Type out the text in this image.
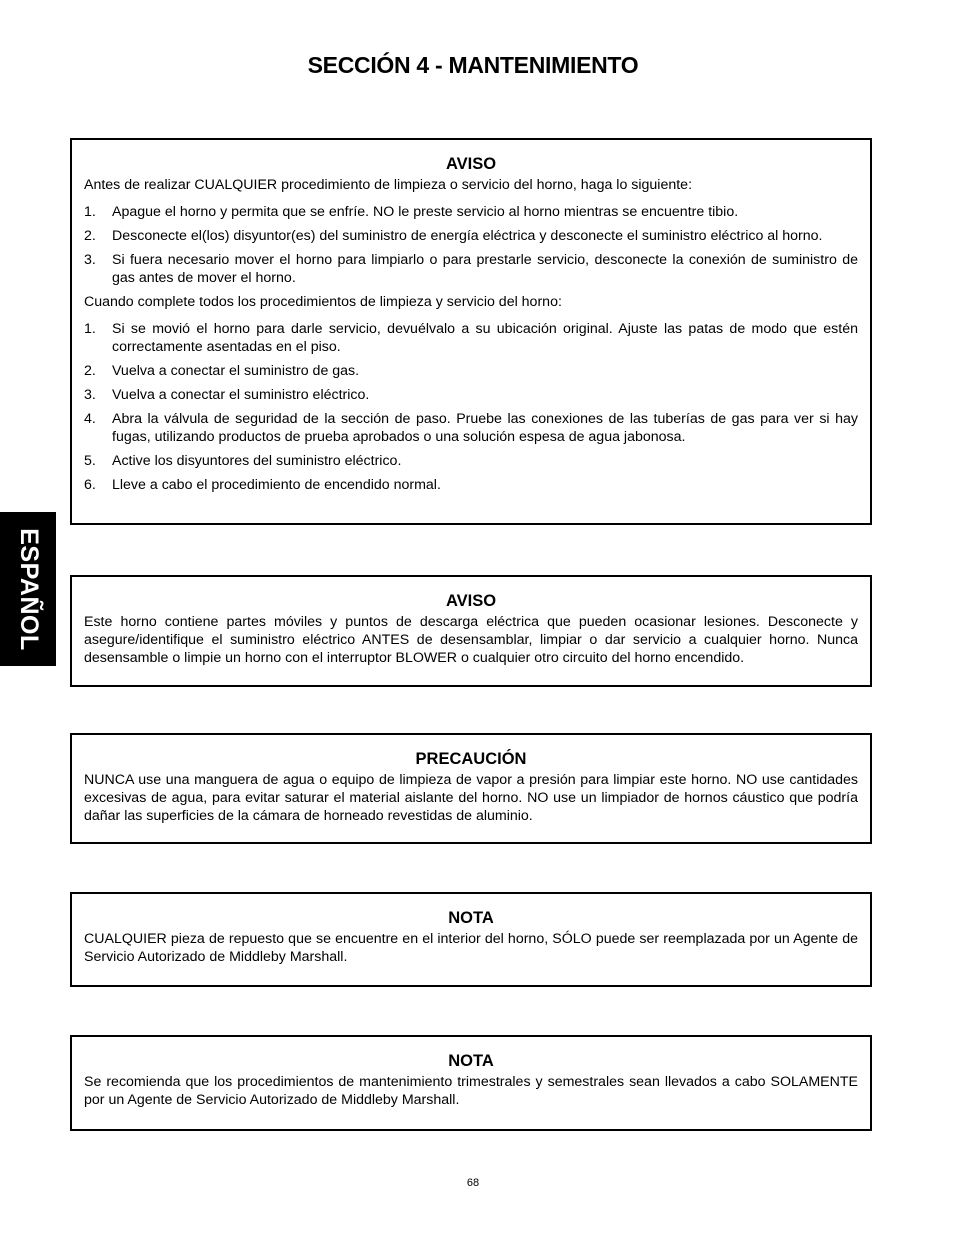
SECCIÓN 4 - MANTENIMIENTO
ESPAÑOL
AVISO

Antes de realizar CUALQUIER procedimiento de limpieza o servicio del horno, haga lo siguiente:

1. Apague el horno y permita que se enfríe. NO le preste servicio al horno mientras se encuentre tibio.
2. Desconecte el(los) disyuntor(es) del suministro de energía eléctrica y desconecte el suministro eléctrico al horno.
3. Si fuera necesario mover el horno para limpiarlo o para prestarle servicio, desconecte la conexión de suministro de gas antes de mover el horno.

Cuando complete todos los procedimientos de limpieza y servicio del horno:

1. Si se movió el horno para darle servicio, devuélvalo a su ubicación original. Ajuste las patas de modo que estén correctamente asentadas en el piso.
2. Vuelva a conectar el suministro de gas.
3. Vuelva a conectar el suministro eléctrico.
4. Abra la válvula de seguridad de la sección de paso. Pruebe las conexiones de las tuberías de gas para ver si hay fugas, utilizando productos de prueba aprobados o una solución espesa de agua jabonosa.
5. Active los disyuntores del suministro eléctrico.
6. Lleve a cabo el procedimiento de encendido normal.
AVISO

Este horno contiene partes móviles y puntos de descarga eléctrica que pueden ocasionar lesiones. Desconecte y asegure/identifique el suministro eléctrico ANTES de desensamblar, limpiar o dar servicio a cualquier horno. Nunca desensamble o limpie un horno con el interruptor BLOWER o cualquier otro circuito del horno encendido.

PRECAUCIÓN

NUNCA use una manguera de agua o equipo de limpieza de vapor a presión para limpiar este horno. NO use cantidades excesivas de agua, para evitar saturar el material aislante del horno. NO use un limpiador de hornos cáustico que podría dañar las superficies de la cámara de horneado revestidas de aluminio.

NOTA

CUALQUIER pieza de repuesto que se encuentre en el interior del horno, SÓLO puede ser reemplazada por un Agente de Servicio Autorizado de Middleby Marshall.

NOTA

Se recomienda que los procedimientos de mantenimiento trimestrales y semestrales sean llevados a cabo SOLAMENTE por un Agente de Servicio Autorizado de Middleby Marshall.

68
